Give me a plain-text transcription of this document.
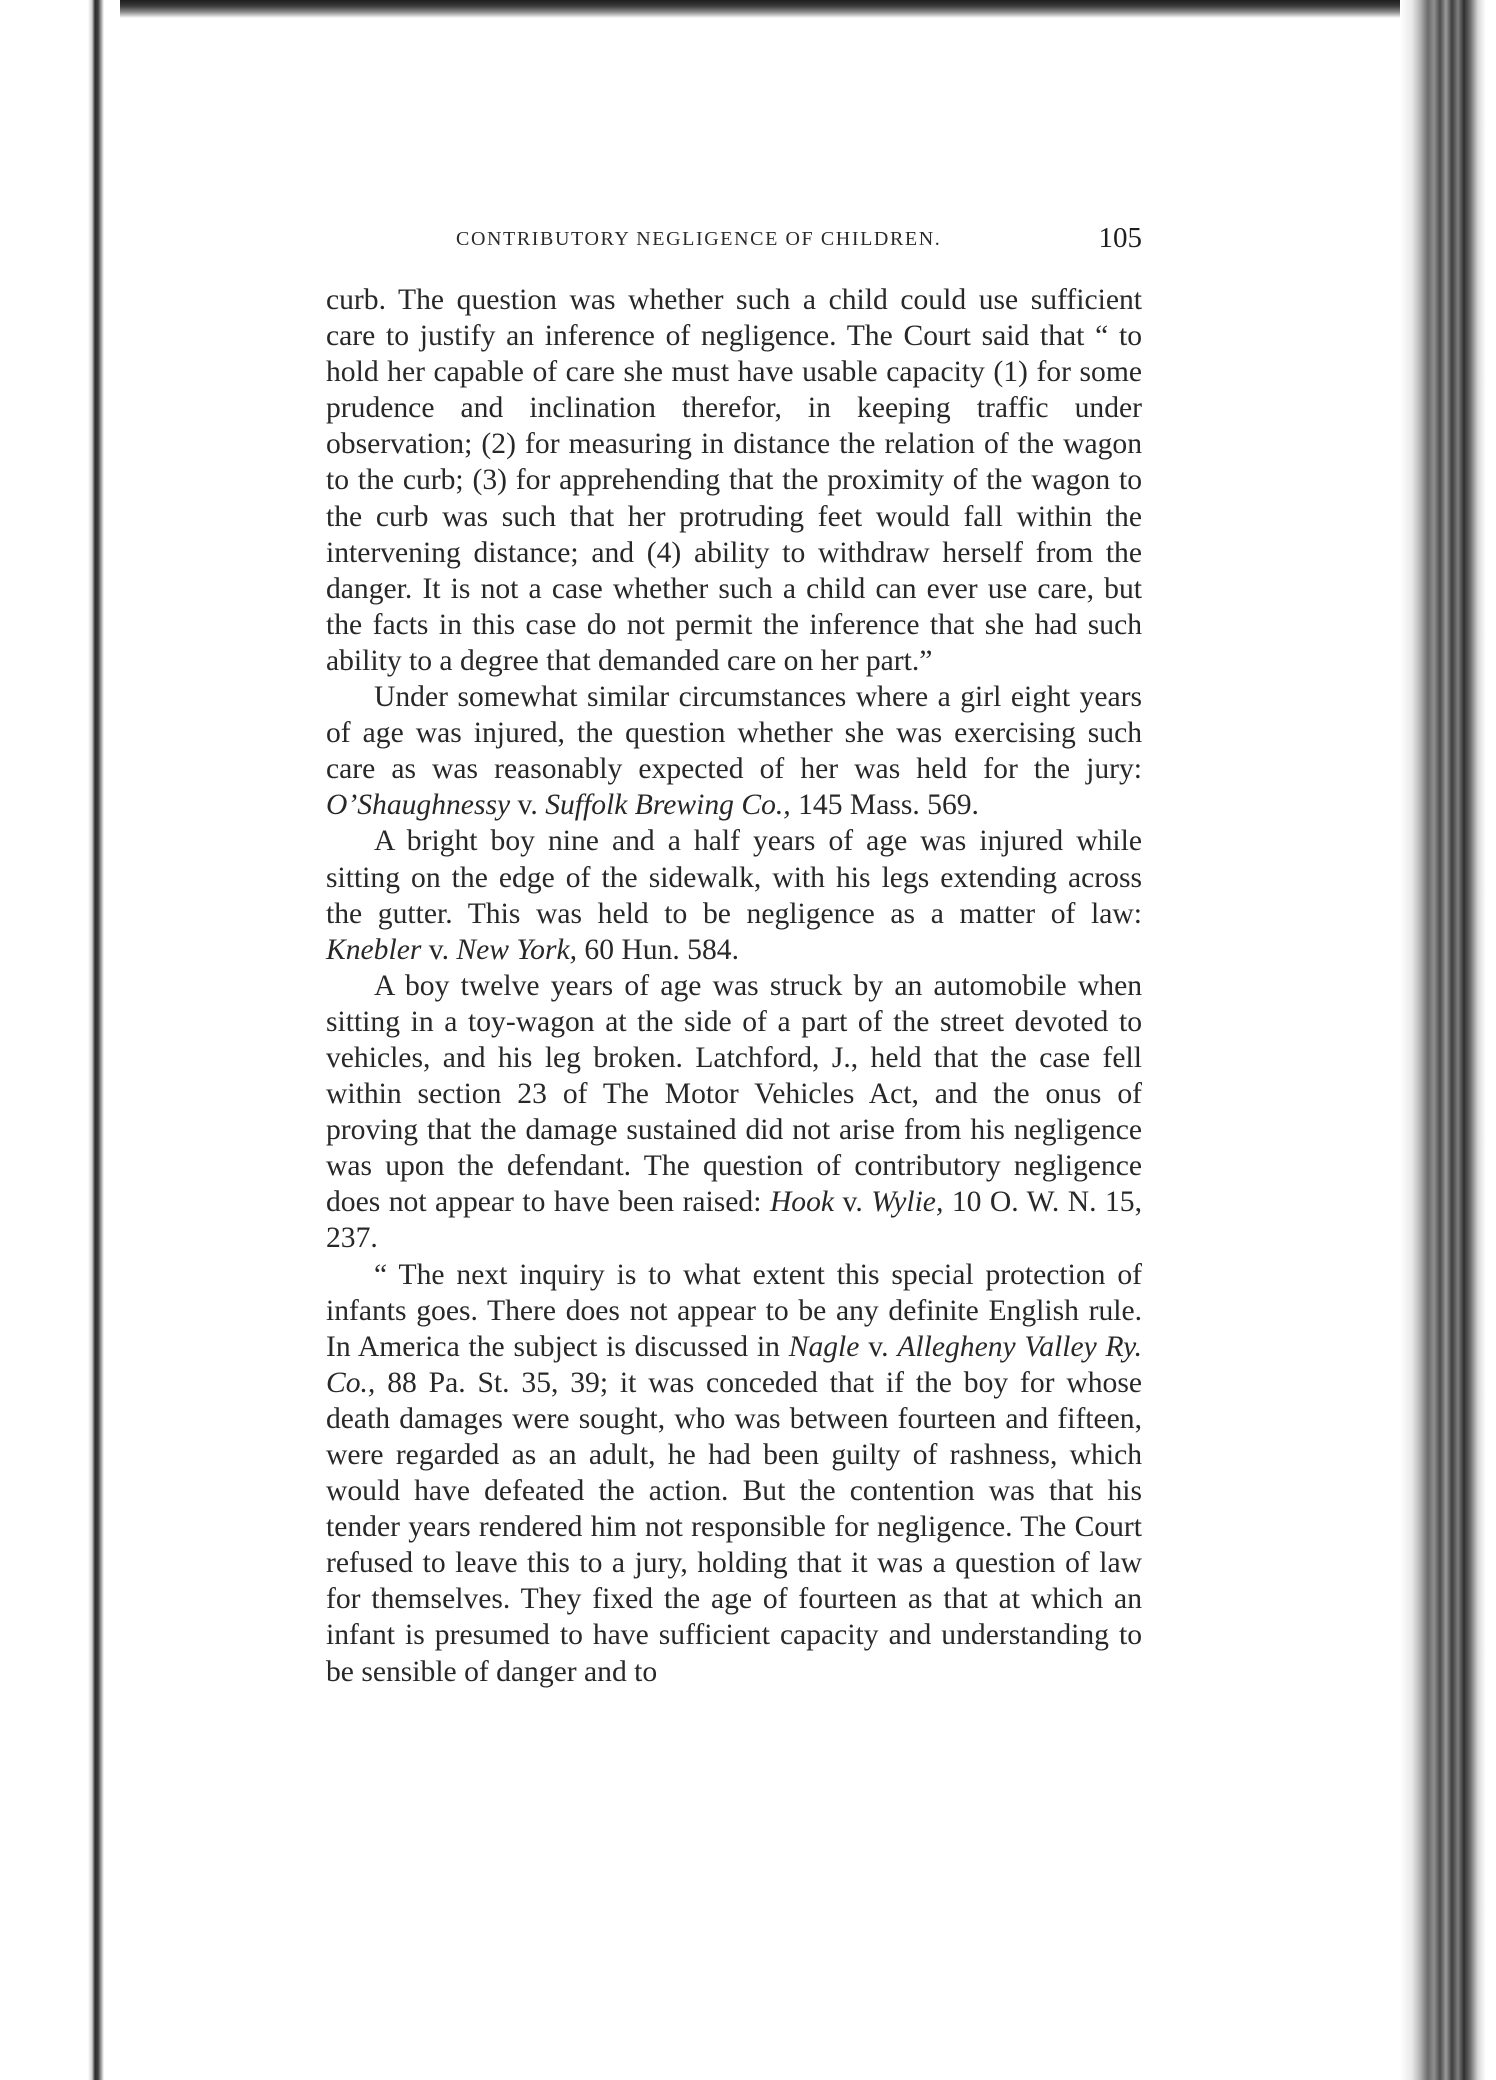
CONTRIBUTORY NEGLIGENCE OF CHILDREN.	105

curb. The question was whether such a child could use sufficient care to justify an inference of negligence. The Court said that “ to hold her capable of care she must have usable capacity (1) for some prudence and inclination therefor, in keeping traffic under observation; (2) for measuring in distance the relation of the wagon to the curb; (3) for apprehending that the proximity of the wagon to the curb was such that her protruding feet would fall within the intervening distance; and (4) ability to withdraw herself from the danger. It is not a case whether such a child can ever use care, but the facts in this case do not permit the inference that she had such ability to a degree that demanded care on her part.”

Under somewhat similar circumstances where a girl eight years of age was injured, the question whether she was exercising such care as was reasonably expected of her was held for the jury: O’Shaughnessy v. Suffolk Brewing Co., 145 Mass. 569.

A bright boy nine and a half years of age was injured while sitting on the edge of the sidewalk, with his legs extending across the gutter. This was held to be negligence as a matter of law: Knebler v. New York, 60 Hun. 584.

A boy twelve years of age was struck by an automobile when sitting in a toy-wagon at the side of a part of the street devoted to vehicles, and his leg broken. Latchford, J., held that the case fell within section 23 of The Motor Vehicles Act, and the onus of proving that the damage sustained did not arise from his negligence was upon the defendant. The question of contributory negligence does not appear to have been raised: Hook v. Wylie, 10 O. W. N. 15, 237.

“ The next inquiry is to what extent this special protection of infants goes. There does not appear to be any definite English rule. In America the subject is discussed in Nagle v. Allegheny Valley Ry. Co., 88 Pa. St. 35, 39; it was conceded that if the boy for whose death damages were sought, who was between fourteen and fifteen, were regarded as an adult, he had been guilty of rashness, which would have defeated the action. But the contention was that his tender years rendered him not responsible for negligence. The Court refused to leave this to a jury, holding that it was a question of law for themselves. They fixed the age of fourteen as that at which an infant is presumed to have sufficient capacity and understanding to be sensible of danger and to
